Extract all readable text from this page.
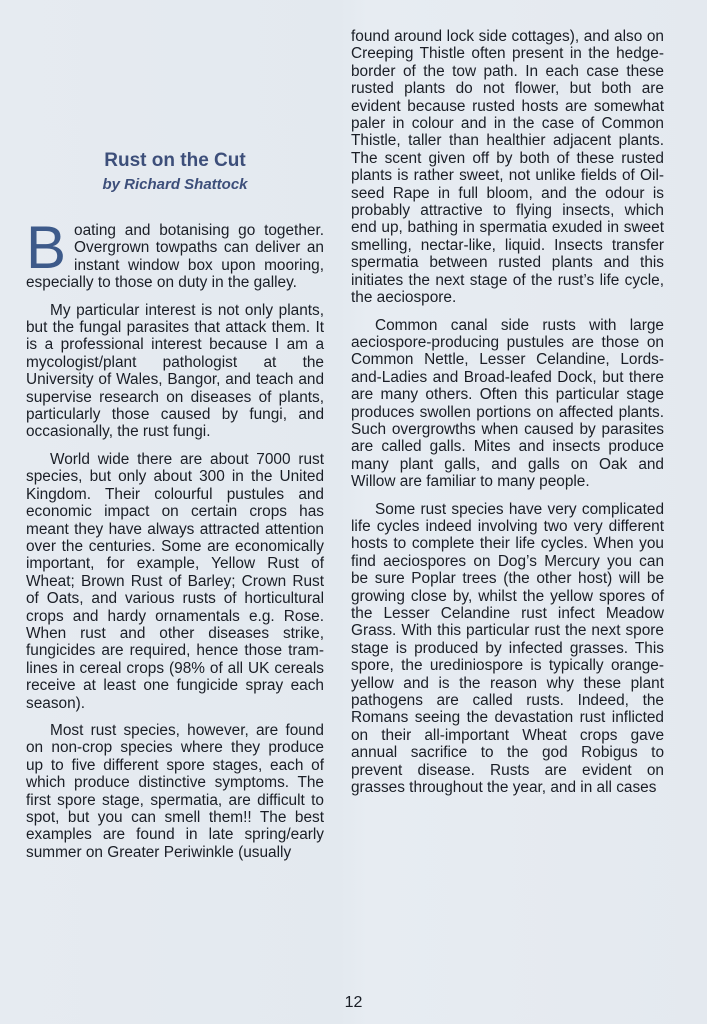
Rust on the Cut
by Richard Shattock

Boating and botanising go together. Overgrown towpaths can deliver an instant window box upon mooring, especially to those on duty in the galley.

My particular interest is not only plants, but the fungal parasites that attack them. It is a professional interest because I am a mycologist/plant pathologist at the University of Wales, Bangor, and teach and supervise research on diseases of plants, particularly those caused by fungi, and occasionally, the rust fungi.

World wide there are about 7000 rust species, but only about 300 in the United Kingdom. Their colourful pustules and economic impact on certain crops has meant they have always attracted attention over the centuries. Some are economically important, for example, Yellow Rust of Wheat; Brown Rust of Barley; Crown Rust of Oats, and various rusts of horticultural crops and hardy ornamentals e.g. Rose. When rust and other diseases strike, fungicides are required, hence those tram-lines in cereal crops (98% of all UK cereals receive at least one fungicide spray each season).

Most rust species, however, are found on non-crop species where they produce up to five different spore stages, each of which produce distinctive symptoms. The first spore stage, spermatia, are difficult to spot, but you can smell them!! The best examples are found in late spring/early summer on Greater Periwinkle (usually

found around lock side cottages), and also on Creeping Thistle often present in the hedge-border of the tow path. In each case these rusted plants do not flower, but both are evident because rusted hosts are somewhat paler in colour and in the case of Common Thistle, taller than healthier adjacent plants. The scent given off by both of these rusted plants is rather sweet, not unlike fields of Oil-seed Rape in full bloom, and the odour is probably attractive to flying insects, which end up, bathing in spermatia exuded in sweet smelling, nectar-like, liquid. Insects transfer spermatia between rusted plants and this initiates the next stage of the rust’s life cycle, the aeciospore.

Common canal side rusts with large aeciospore-producing pustules are those on Common Nettle, Lesser Celandine, Lords-and-Ladies and Broad-leafed Dock, but there are many others. Often this particular stage produces swollen portions on affected plants. Such overgrowths when caused by parasites are called galls. Mites and insects produce many plant galls, and galls on Oak and Willow are familiar to many people.

Some rust species have very complicated life cycles indeed involving two very different hosts to complete their life cycles. When you find aeciospores on Dog’s Mercury you can be sure Poplar trees (the other host) will be growing close by, whilst the yellow spores of the Lesser Celandine rust infect Meadow Grass. With this particular rust the next spore stage is produced by infected grasses. This spore, the urediniospore is typically orange-yellow and is the reason why these plant pathogens are called rusts. Indeed, the Romans seeing the devastation rust inflicted on their all-important Wheat crops gave annual sacrifice to the god Robigus to prevent disease. Rusts are evident on grasses throughout the year, and in all cases

12
